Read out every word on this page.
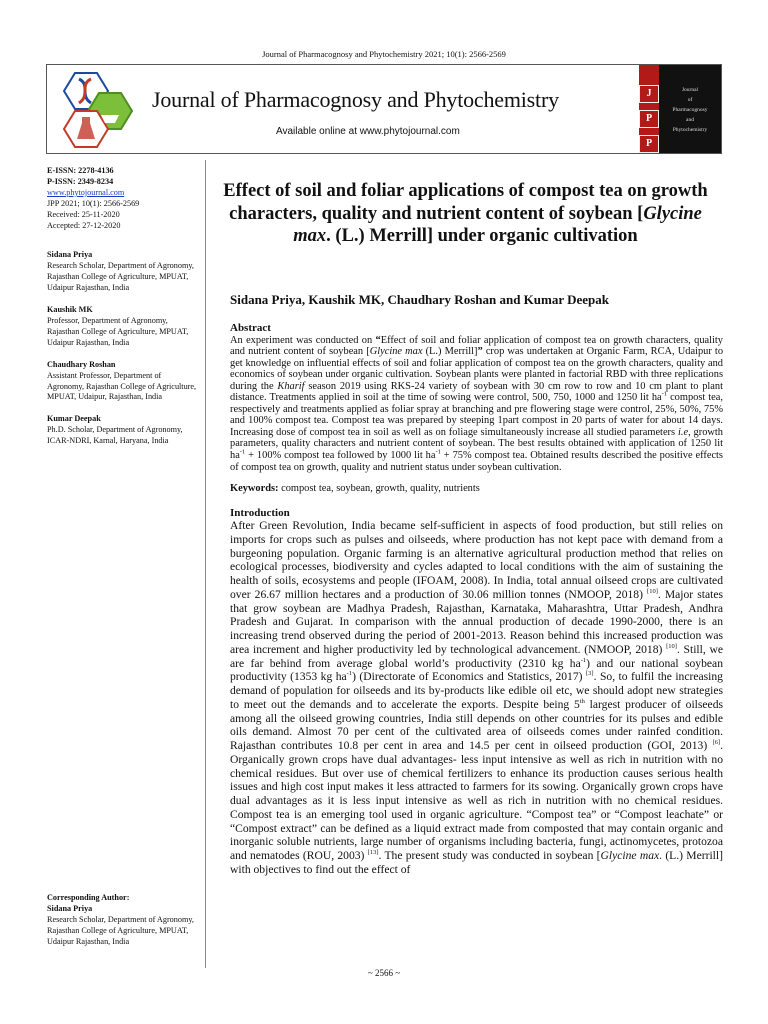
Journal of Pharmacognosy and Phytochemistry 2021; 10(1): 2566-2569
Journal of Pharmacognosy and Phytochemistry
Available online at www.phytojournal.com
J
P
P
Journal
of
Pharmacognosy
and
Phytochemistry

E-ISSN: 2278-4136

P-ISSN: 2349-8234

www.phytojournal.com

JPP 2021; 10(1): 2566-2569

Received: 25-11-2020

Accepted: 27-12-2020

Sidana Priya

Research Scholar, Department of Agronomy, Rajasthan College of Agriculture, MPUAT, Udaipur Rajasthan, India

Kaushik MK

Professor, Department of Agronomy, Rajasthan College of Agriculture, MPUAT, Udaipur Rajasthan, India

Chaudhary Roshan

Assistant Professor, Department of Agronomy, Rajasthan College of Agriculture, MPUAT, Udaipur, Rajasthan, India

Kumar Deepak

Ph.D. Scholar, Department of Agronomy, ICAR-NDRI, Karnal, Haryana, India

Corresponding Author:

Sidana Priya

Research Scholar, Department of Agronomy, Rajasthan College of Agriculture, MPUAT, Udaipur Rajasthan, India

Effect of soil and foliar applications of compost tea on growth characters, quality and nutrient content of soybean [Glycine max. (L.) Merrill] under organic cultivation
Sidana Priya, Kaushik MK, Chaudhary Roshan and Kumar Deepak
Abstract

An experiment was conducted on “Effect of soil and foliar application of compost tea on growth characters, quality and nutrient content of soybean [Glycine max (L.) Merrill]” crop was undertaken at Organic Farm, RCA, Udaipur to get knowledge on influential effects of soil and foliar application of compost tea on the growth characters, quality and economics of soybean under organic cultivation. Soybean plants were planted in factorial RBD with three replications during the Kharif season 2019 using RKS-24 variety of soybean with 30 cm row to row and 10 cm plant to plant distance. Treatments applied in soil at the time of sowing were control, 500, 750, 1000 and 1250 lit $ha^{-1}$ compost tea, respectively and treatments applied as foliar spray at branching and pre flowering stage were control, 25%, 50%, 75% and 100% compost tea. Compost tea was prepared by steeping 1part compost in 20 parts of water for about 14 days. Increasing dose of compost tea in soil as well as on foliage simultaneously increase all studied parameters i.e, growth parameters, quality characters and nutrient content of soybean. The best results obtained with application of 1250 lit $ha^{-1} + 100\%$ compost tea followed by 1000 lit $ha^{-1} + 75\%$ compost tea. Obtained results described the positive effects of compost tea on growth, quality and nutrient status under soybean cultivation.

Keywords: compost tea, soybean, growth, quality, nutrients

Introduction

After Green Revolution, India became self-sufficient in aspects of food production, but still relies on imports for crops such as pulses and oilseeds, where production has not kept pace with demand from a burgeoning population. Organic farming is an alternative agricultural production method that relies on ecological processes, biodiversity and cycles adapted to local conditions with the aim of sustaining the health of soils, ecosystems and people (IFOAM, 2008). In India, total annual oilseed crops are cultivated over 26.67 million hectares and a production of 30.06 million tonnes (NMOOP, 2018) [10]. Major states that grow soybean are Madhya Pradesh, Rajasthan, Karnataka, Maharashtra, Uttar Pradesh, Andhra Pradesh and Gujarat. In comparison with the annual production of decade 1990-2000, there is an increasing trend observed during the period of 2001-2013. Reason behind this increased production was area increment and higher productivity led by technological advancement. (NMOOP, 2018) [10]. Still, we are far behind from average global world’s productivity (2310 kg $ha^{-1}$) and our national soybean productivity (1353 kg $ha^{-1}$) (Directorate of Economics and Statistics, 2017) [3]. So, to fulfil the increasing demand of population for oilseeds and its by-products like edible oil etc, we should adopt new strategies to meet out the demands and to accelerate the exports. Despite being 5th largest producer of oilseeds among all the oilseed growing countries, India still depends on other countries for its pulses and edible oils demand. Almost 70 per cent of the cultivated area of oilseeds comes under rainfed condition. Rajasthan contributes 10.8 per cent in area and 14.5 per cent in oilseed production (GOI, 2013) [6]. Organically grown crops have dual advantages- less input intensive as well as rich in nutrition with no chemical residues. But over use of chemical fertilizers to enhance its production causes serious health issues and high cost input makes it less attracted to farmers for its sowing. Organically grown crops have dual advantages as it is less input intensive as well as rich in nutrition with no chemical residues. Compost tea is an emerging tool used in organic agriculture. “Compost tea” or “Compost leachate” or “Compost extract” can be defined as a liquid extract made from composted that may contain organic and inorganic soluble nutrients, large number of organisms including bacteria, fungi, actinomycetes, protozoa and nematodes (ROU, 2003) [13]. The present study was conducted in soybean [Glycine max. (L.) Merrill] with objectives to find out the effect of

~ 2566 ~
